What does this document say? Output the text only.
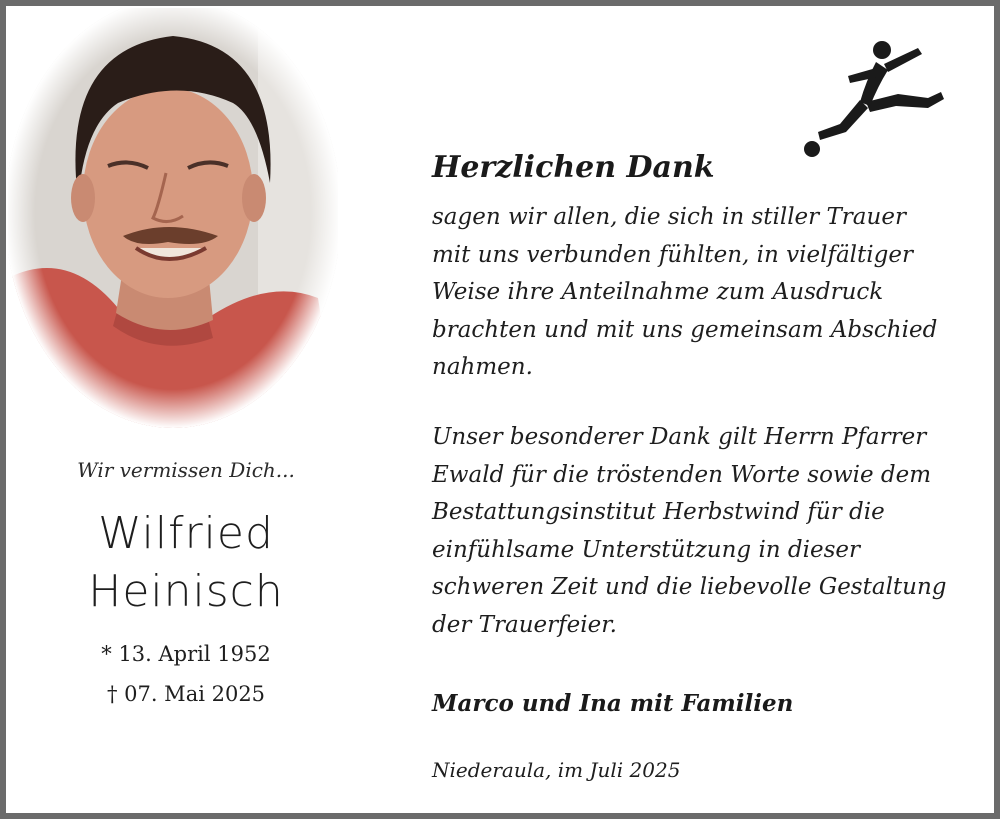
Wir vermissen Dich...
Wilfried
Heinisch
* 13. April 1952
† 07. Mai 2025
Herzlichen Dank
sagen wir allen, die sich in stiller Trauer
mit uns verbunden fühlten, in vielfältiger
Weise ihre Anteilnahme zum Ausdruck
brachten und mit uns gemeinsam Abschied
nahmen.
Unser besonderer Dank gilt Herrn Pfarrer
Ewald für die tröstenden Worte sowie dem
Bestattungsinstitut Herbstwind für die
einfühlsame Unterstützung in dieser
schweren Zeit und die liebevolle Gestaltung
der Trauerfeier.
Marco und Ina mit Familien
Niederaula, im Juli 2025
